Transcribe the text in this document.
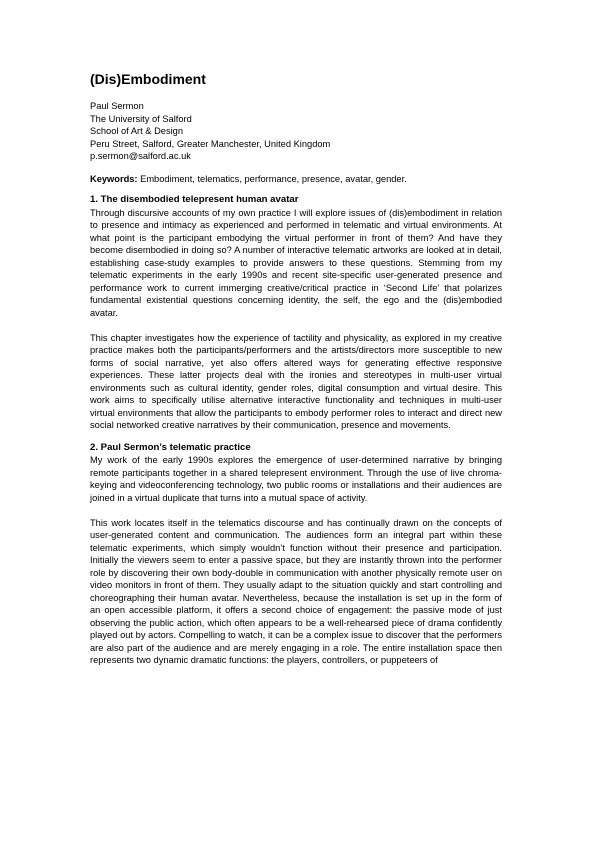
(Dis)Embodiment
Paul Sermon
The University of Salford
School of Art & Design
Peru Street, Salford, Greater Manchester, United Kingdom
p.sermon@salford.ac.uk
Keywords: Embodiment, telematics, performance, presence, avatar, gender.
1. The disembodied telepresent human avatar

Through discursive accounts of my own practice I will explore issues of (dis)embodiment in relation to presence and intimacy as experienced and performed in telematic and virtual environments. At what point is the participant embodying the virtual performer in front of them? And have they become disembodied in doing so? A number of interactive telematic artworks are looked at in detail, establishing case-study examples to provide answers to these questions. Stemming from my telematic experiments in the early 1990s and recent site-specific user-generated presence and performance work to current immerging creative/critical practice in ‘Second Life’ that polarizes fundamental existential questions concerning identity, the self, the ego and the (dis)embodied avatar.

This chapter investigates how the experience of tactility and physicality, as explored in my creative practice makes both the participants/performers and the artists/directors more susceptible to new forms of social narrative, yet also offers altered ways for generating effective responsive experiences. These latter projects deal with the ironies and stereotypes in multi-user virtual environments such as cultural identity, gender roles, digital consumption and virtual desire. This work aims to specifically utilise alternative interactive functionality and techniques in multi-user virtual environments that allow the participants to embody performer roles to interact and direct new social networked creative narratives by their communication, presence and movements.

2. Paul Sermon’s telematic practice

My work of the early 1990s explores the emergence of user-determined narrative by bringing remote participants together in a shared telepresent environment. Through the use of live chroma-keying and videoconferencing technology, two public rooms or installations and their audiences are joined in a virtual duplicate that turns into a mutual space of activity.

This work locates itself in the telematics discourse and has continually drawn on the concepts of user-generated content and communication. The audiences form an integral part within these telematic experiments, which simply wouldn’t function without their presence and participation. Initially the viewers seem to enter a passive space, but they are instantly thrown into the performer role by discovering their own body-double in communication with another physically remote user on video monitors in front of them. They usually adapt to the situation quickly and start controlling and choreographing their human avatar. Nevertheless, because the installation is set up in the form of an open accessible platform, it offers a second choice of engagement: the passive mode of just observing the public action, which often appears to be a well-rehearsed piece of drama confidently played out by actors. Compelling to watch, it can be a complex issue to discover that the performers are also part of the audience and are merely engaging in a role. The entire installation space then represents two dynamic dramatic functions: the players, controllers, or puppeteers of
